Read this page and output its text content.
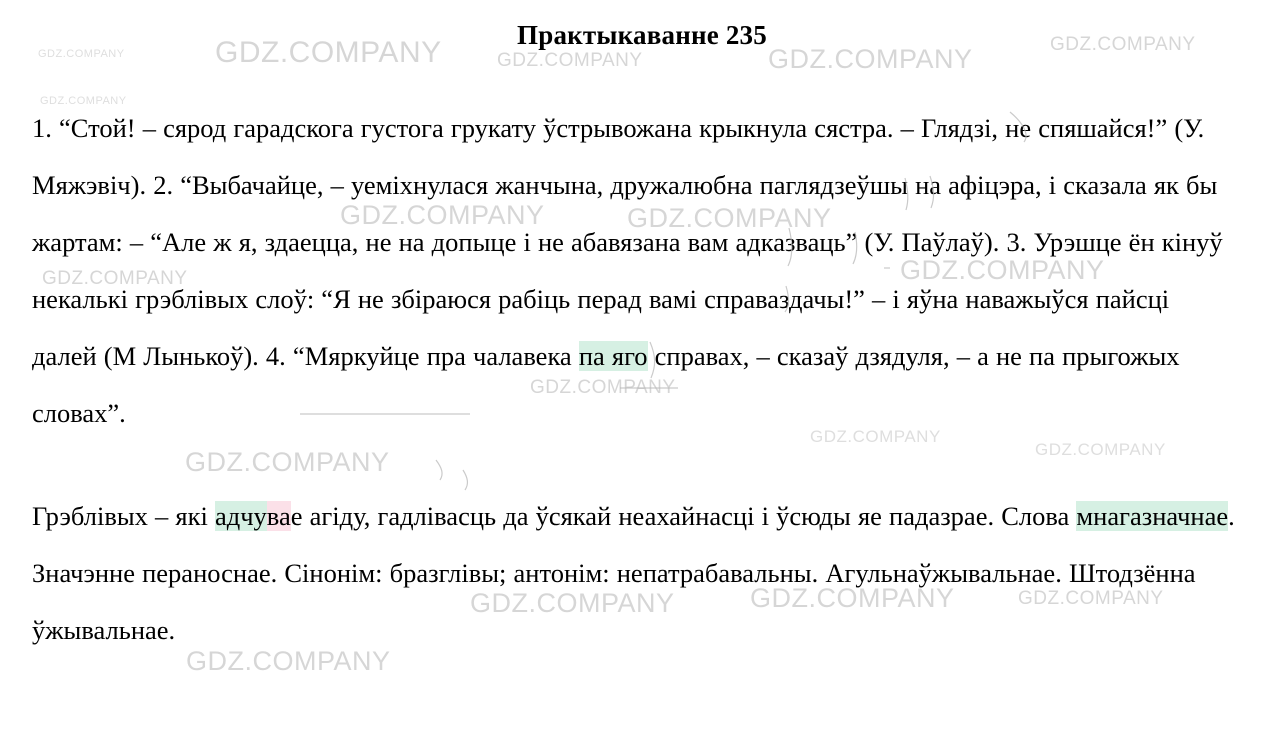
Практыкаванне 235

1. “Стой! – сярод гарадскога густога грукату ўстрывожана крыкнула сястра. – Глядзі, не спяшайся!” (У. Мяжэвіч). 2. “Выбачайце, – уеміхнулася жанчына, дружалюбна паглядзеўшы на афіцэра, і сказала як бы жартам: – “Але ж я, здаецца, не на допыце і не абавязана вам адказваць” (У. Паўлаў). 3. Урэшце ён кінуў некалькі грэблівых слоў: “Я не збіраюся рабіць перад вамі справаздачы!” – і яўна наважыўся пайсці далей (М Лынькоў). 4. “Мяркуйце пра чалавека па яго справах, – сказаў дзядуля, – а не па прыгожых словах”.

Грэблівых – які адчувае агіду, гадлівасць да ўсякай неахайнасці і ўсюды яе падазрае. Слова мнагазначнае. Значэнне пераноснае. Сінонім: бразглівы; антонім: непатрабавальны. Агульнаўжывальнае. Штодзённа ўжывальнае.

GDZ.COMPANY	GDZ.COMPANY	GDZ.COMPANY	GDZ.COMPANY	GDZ.COMPANY
GDZ.COMPANY
GDZ.COMPANY	GDZ.COMPANY
GDZ.COMPANY	GDZ.COMPANY
GDZ.COMPANY
GDZ.COMPANY
GDZ.COMPANY
GDZ.COMPANY
GDZ.COMPANY	GDZ.COMPANY	GDZ.COMPANY
GDZ.COMPANY
